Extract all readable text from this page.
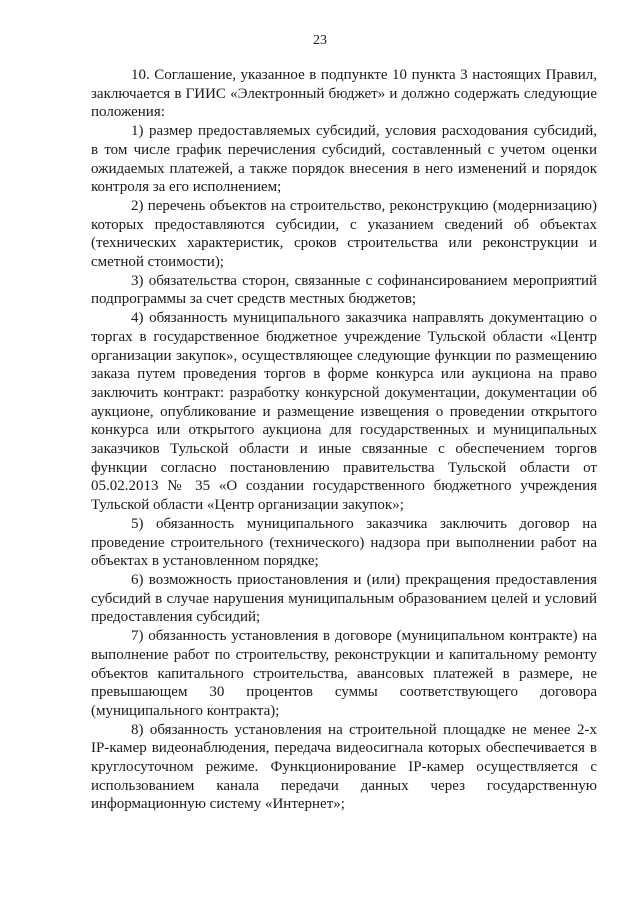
23

10. Соглашение, указанное в подпункте 10 пункта 3 настоящих Правил, заключается в ГИИС «Электронный бюджет» и должно содержать следующие положения:

1) размер предоставляемых субсидий, условия расходования субсидий, в том числе график перечисления субсидий, составленный с учетом оценки ожидаемых платежей, а также порядок внесения в него изменений и порядок контроля за его исполнением;

2) перечень объектов на строительство, реконструкцию (модернизацию) которых предоставляются субсидии, с указанием сведений об объектах (технических характеристик, сроков строительства или реконструкции и сметной стоимости);

3) обязательства сторон, связанные с софинансированием мероприятий подпрограммы за счет средств местных бюджетов;

4) обязанность муниципального заказчика направлять документацию о торгах в государственное бюджетное учреждение Тульской области «Центр организации закупок», осуществляющее следующие функции по размещению заказа путем проведения торгов в форме конкурса или аукциона на право заключить контракт: разработку конкурсной документации, документации об аукционе, опубликование и размещение извещения о проведении открытого конкурса или открытого аукциона для государственных и муниципальных заказчиков Тульской области и иные связанные с обеспечением торгов функции согласно постановлению правительства Тульской области от 05.02.2013 № 35 «О создании государственного бюджетного учреждения Тульской области «Центр организации закупок»;

5) обязанность муниципального заказчика заключить договор на проведение строительного (технического) надзора при выполнении работ на объектах в установленном порядке;

6) возможность приостановления и (или) прекращения предоставления субсидий в случае нарушения муниципальным образованием целей и условий предоставления субсидий;

7) обязанность установления в договоре (муниципальном контракте) на выполнение работ по строительству, реконструкции и капитальному ремонту объектов капитального строительства, авансовых платежей в размере, не превышающем 30 процентов суммы соответствующего договора (муниципального контракта);

8) обязанность установления на строительной площадке не менее 2-х IP-камер видеонаблюдения, передача видеосигнала которых обеспечивается в круглосуточном режиме. Функционирование IP-камер осуществляется с использованием канала передачи данных через государственную информационную систему «Интернет»;
